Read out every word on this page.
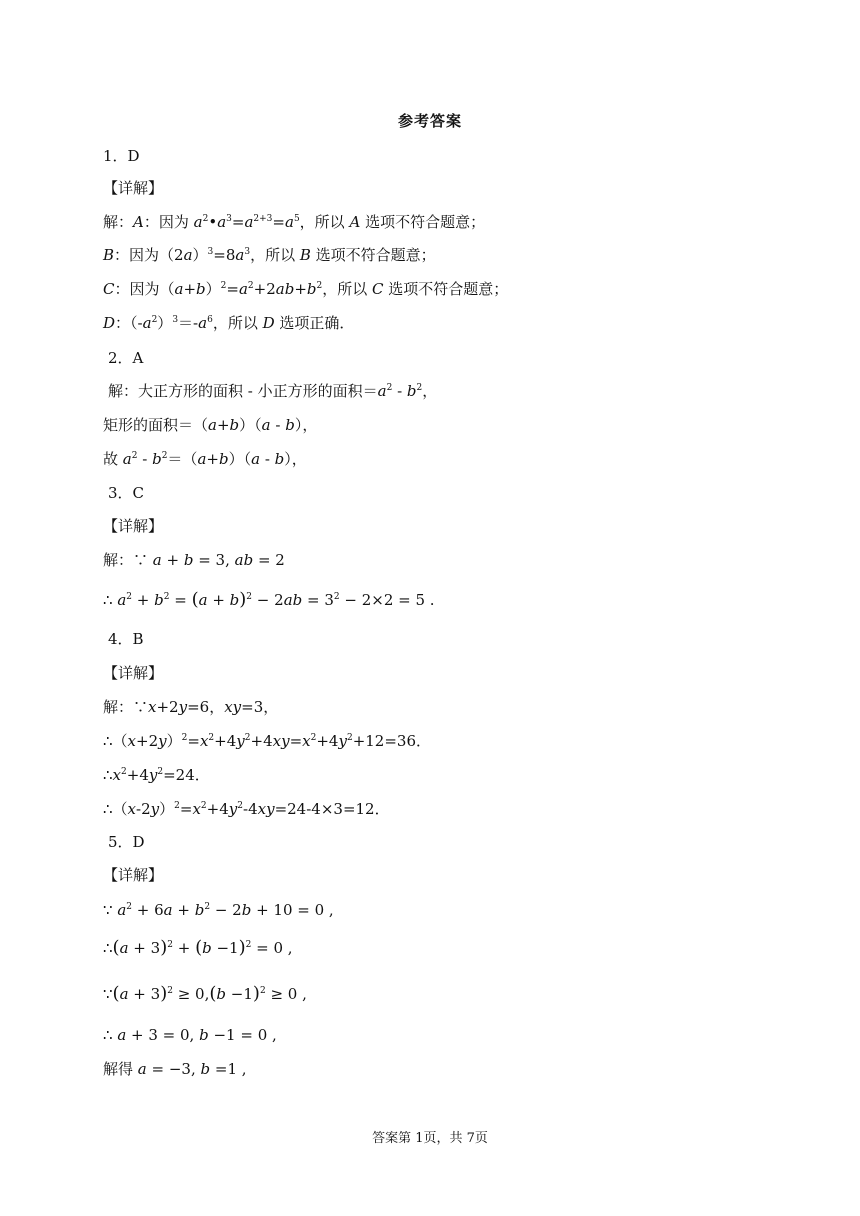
参考答案
1．D
【详解】
解：A：因为 $a^2•a^3=a^{2+3}=a^5$，所以 A 选项不符合题意；
B：因为$(2a)^3=8a^3$，所以 B 选项不符合题意；
C：因为$(a+b)^2=a^2+2ab+b^2$，所以 C 选项不符合题意；
D：$(-a^2)^3=-a^6$，所以 D 选项正确．
2．A
解：大正方形的面积 - 小正方形的面积$=a^2 - b^2$，
矩形的面积＝（a+b）（a - b），
故 $a^2 - b^2=(a+b)(a - b)$，
3．C
【详解】
解：∵ a + b = 3, ab = 2
∴ $a^2 + b^2 = (a + b)^2 - 2ab = 3^2 - 2\times 2 = 5$ .
4．B
【详解】
解：∵x+2y=6，xy=3，
$\therefore(x+2y)^2=x^2+4y^2+4xy=x^2+4y^2+12=36$．
$\therefore x^2+4y^2=24$．
$\therefore(x-2y)^2=x^2+4y^2-4xy=24-4\times 3=12$．
5．D
【详解】
∵ $a^2 + 6a + b^2 - 2b + 10 = 0$ ,
∴(a + $3)^2 + (b -1)^2 = 0$ ,
∵(a + $3)^2 \ge 0,(b -1)^2 \ge 0$ ,
∴ a + 3 = 0, b −1 = 0 ,
解得 a = −3, b =1 ,
答案第 1页，共 7页
